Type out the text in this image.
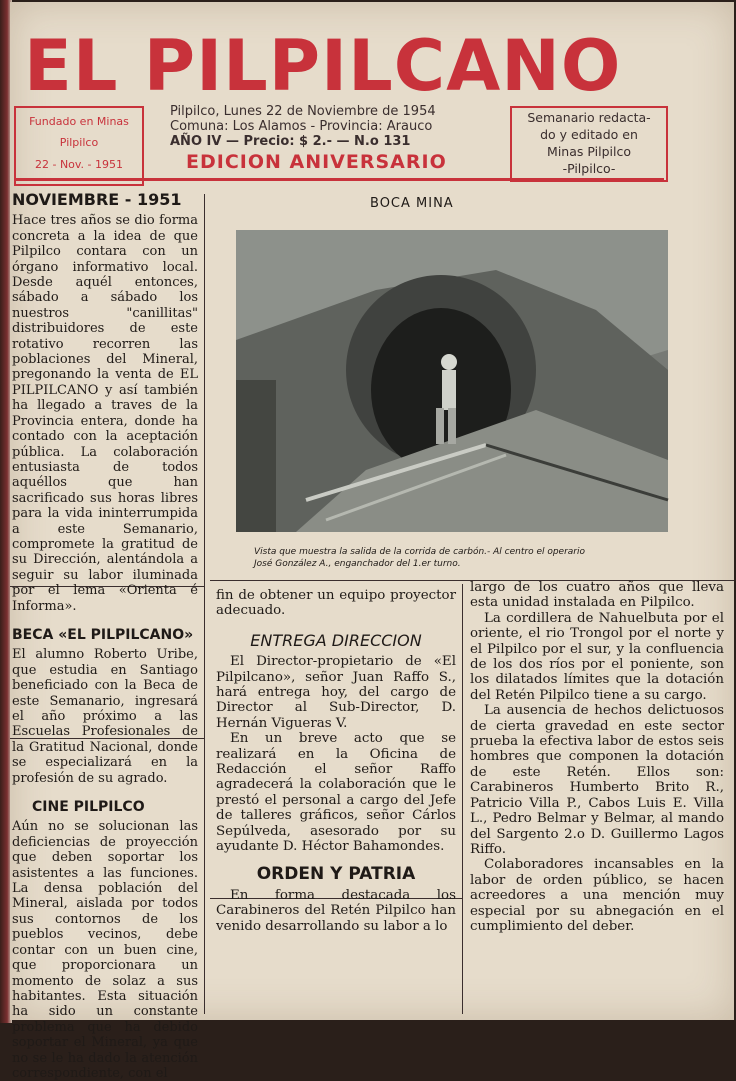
EL PILPILCANO
Fundado en Minas
Pilpilco
22 - Nov. - 1951
Pilpilco, Lunes 22 de Noviembre de 1954
Comuna: Los Alamos - Provincia: Arauco
AÑO IV — Precio: $ 2.- — N.o 131
EDICION ANIVERSARIO
Semanario redacta-
do y editado en
Minas Pilpilco
-Pilpilco-
NOVIEMBRE - 1951
Hace tres años se dio forma concreta a la idea de que Pilpilco contara con un órgano informativo local. Desde aquél entonces, sábado a sábado los nuestros "canillitas" distribuidores de este rotativo recorren las poblaciones del Mineral, pregonando la venta de EL PILPILCANO y así también ha llegado a traves de la Provincia entera, donde ha contado con la aceptación pública. La colaboración entusiasta de todos aquéllos que han sacrificado sus horas libres para la vida ininterrumpida a este Semanario, compromete la gratitud de su Dirección, alentándola a seguir su labor iluminada por el lema «Orienta é Informa».
BECA «EL PILPILCANO»
El alumno Roberto Uribe, que estudia en Santiago beneficiado con la Beca de este Semanario, ingresará el año próximo a las Escuelas Profesionales de la Gratitud Nacional, donde se especializará en la profesión de su agrado.
CINE PILPILCO
Aún no se solucionan las deficiencias de proyección que deben soportar los asistentes a las funciones. La densa población del Mineral, aislada por todos sus contornos de los pueblos vecinos, debe contar con un buen cine, que proporcionara un momento de solaz a sus habitantes. Esta situación ha sido un constante problema que ha debido soportar el Mineral, ya que no se le ha dado la atención correspondiente, con el
BOCA MINA
Vista que muestra la salida de la corrida de carbón.- Al centro el operario
José González A., enganchador del 1.er turno.
fin de obtener un equipo proyector adecuado.
ENTREGA DIRECCION
El Director-propietario de «El Pilpilcano», señor Juan Raffo S., hará entrega hoy, del cargo de Director al Sub-Director, D. Hernán Vigueras V.
En un breve acto que se realizará en la Oficina de Redacción el señor Raffo agradecerá la colaboración que le prestó el personal a cargo del Jefe de talleres gráficos, señor Cárlos Sepúlveda, asesorado por su ayudante D. Héctor Bahamondes.
ORDEN Y PATRIA
En forma destacada los Carabineros del Retén Pilpilco han venido desarrollando su labor a lo
largo de los cuatro años que lleva esta unidad instalada en Pilpilco.
La cordillera de Nahuelbuta por el oriente, el rio Trongol por el norte y el Pilpilco por el sur, y la confluencia de los dos ríos por el poniente, son los dilatados límites que la dotación del Retén Pilpilco tiene a su cargo.
La ausencia de hechos delictuosos de cierta gravedad en este sector prueba la efectiva labor de estos seis hombres que componen la dotación de este Retén. Ellos son: Carabineros Humberto Brito R., Patricio Villa P., Cabos Luis E. Villa L., Pedro Belmar y Belmar, al mando del Sargento 2.o D. Guillermo Lagos Riffo.
Colaboradores incansables en la labor de orden público, se hacen acreedores a una mención muy especial por su abnegación en el cumplimiento del deber.
